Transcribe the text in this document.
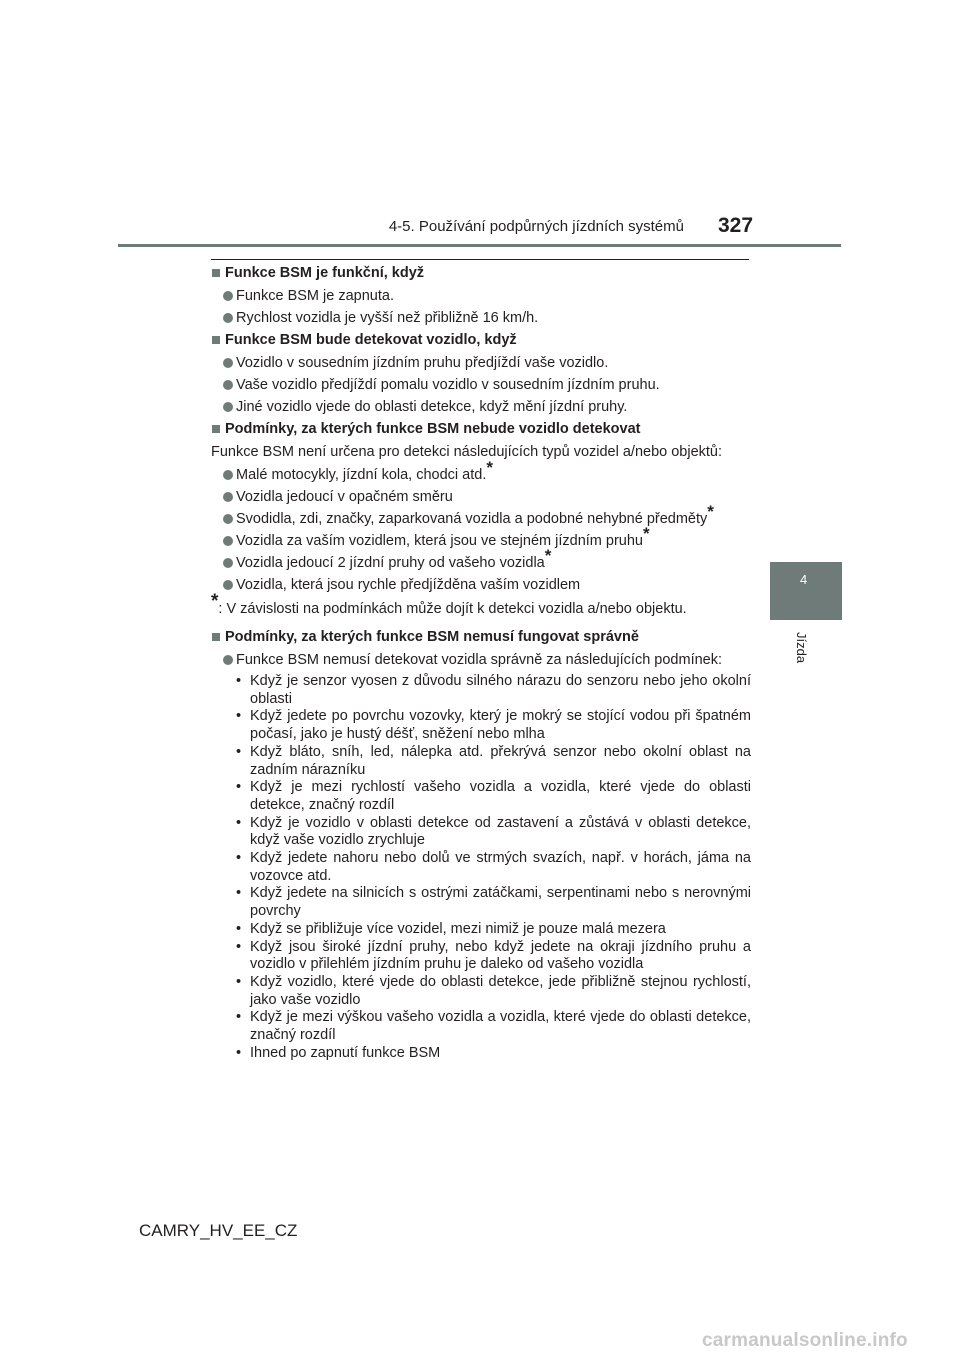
4-5. Používání podpůrných jízdních systémů 327
4
Jízda
Funkce BSM je funkční, když
Funkce BSM je zapnuta.
Rychlost vozidla je vyšší než přibližně 16 km/h.
Funkce BSM bude detekovat vozidlo, když
Vozidlo v sousedním jízdním pruhu předjíždí vaše vozidlo.
Vaše vozidlo předjíždí pomalu vozidlo v sousedním jízdním pruhu.
Jiné vozidlo vjede do oblasti detekce, když mění jízdní pruhy.
Podmínky, za kterých funkce BSM nebude vozidlo detekovat
Funkce BSM není určena pro detekci následujících typů vozidel a/nebo objektů:
Malé motocykly, jízdní kola, chodci atd.*
Vozidla jedoucí v opačném směru
Svodidla, zdi, značky, zaparkovaná vozidla a podobné nehybné předměty*
Vozidla za vaším vozidlem, která jsou ve stejném jízdním pruhu*
Vozidla jedoucí 2 jízdní pruhy od vašeho vozidla*
Vozidla, která jsou rychle předjížděna vaším vozidlem
*: V závislosti na podmínkách může dojít k detekci vozidla a/nebo objektu.
Podmínky, za kterých funkce BSM nemusí fungovat správně
Funkce BSM nemusí detekovat vozidla správně za následujících podmínek:
• Když je senzor vyosen z důvodu silného nárazu do senzoru nebo jeho okolní oblasti
• Když jedete po povrchu vozovky, který je mokrý se stojící vodou při špatném počasí, jako je hustý déšť, sněžení nebo mlha
• Když bláto, sníh, led, nálepka atd. překrývá senzor nebo okolní oblast na zadním nárazníku
• Když je mezi rychlostí vašeho vozidla a vozidla, které vjede do oblasti detekce, značný rozdíl
• Když je vozidlo v oblasti detekce od zastavení a zůstává v oblasti detekce, když vaše vozidlo zrychluje
• Když jedete nahoru nebo dolů ve strmých svazích, např. v horách, jáma na vozovce atd.
• Když jedete na silnicích s ostrými zatáčkami, serpentinami nebo s nerovnými povrchy
• Když se přibližuje více vozidel, mezi nimiž je pouze malá mezera
• Když jsou široké jízdní pruhy, nebo když jedete na okraji jízdního pruhu a vozidlo v přilehlém jízdním pruhu je daleko od vašeho vozidla
• Když vozidlo, které vjede do oblasti detekce, jede přibližně stejnou rychlostí, jako vaše vozidlo
• Když je mezi výškou vašeho vozidla a vozidla, které vjede do oblasti detekce, značný rozdíl
• Ihned po zapnutí funkce BSM
CAMRY_HV_EE_CZ
carmanualsonline.info
